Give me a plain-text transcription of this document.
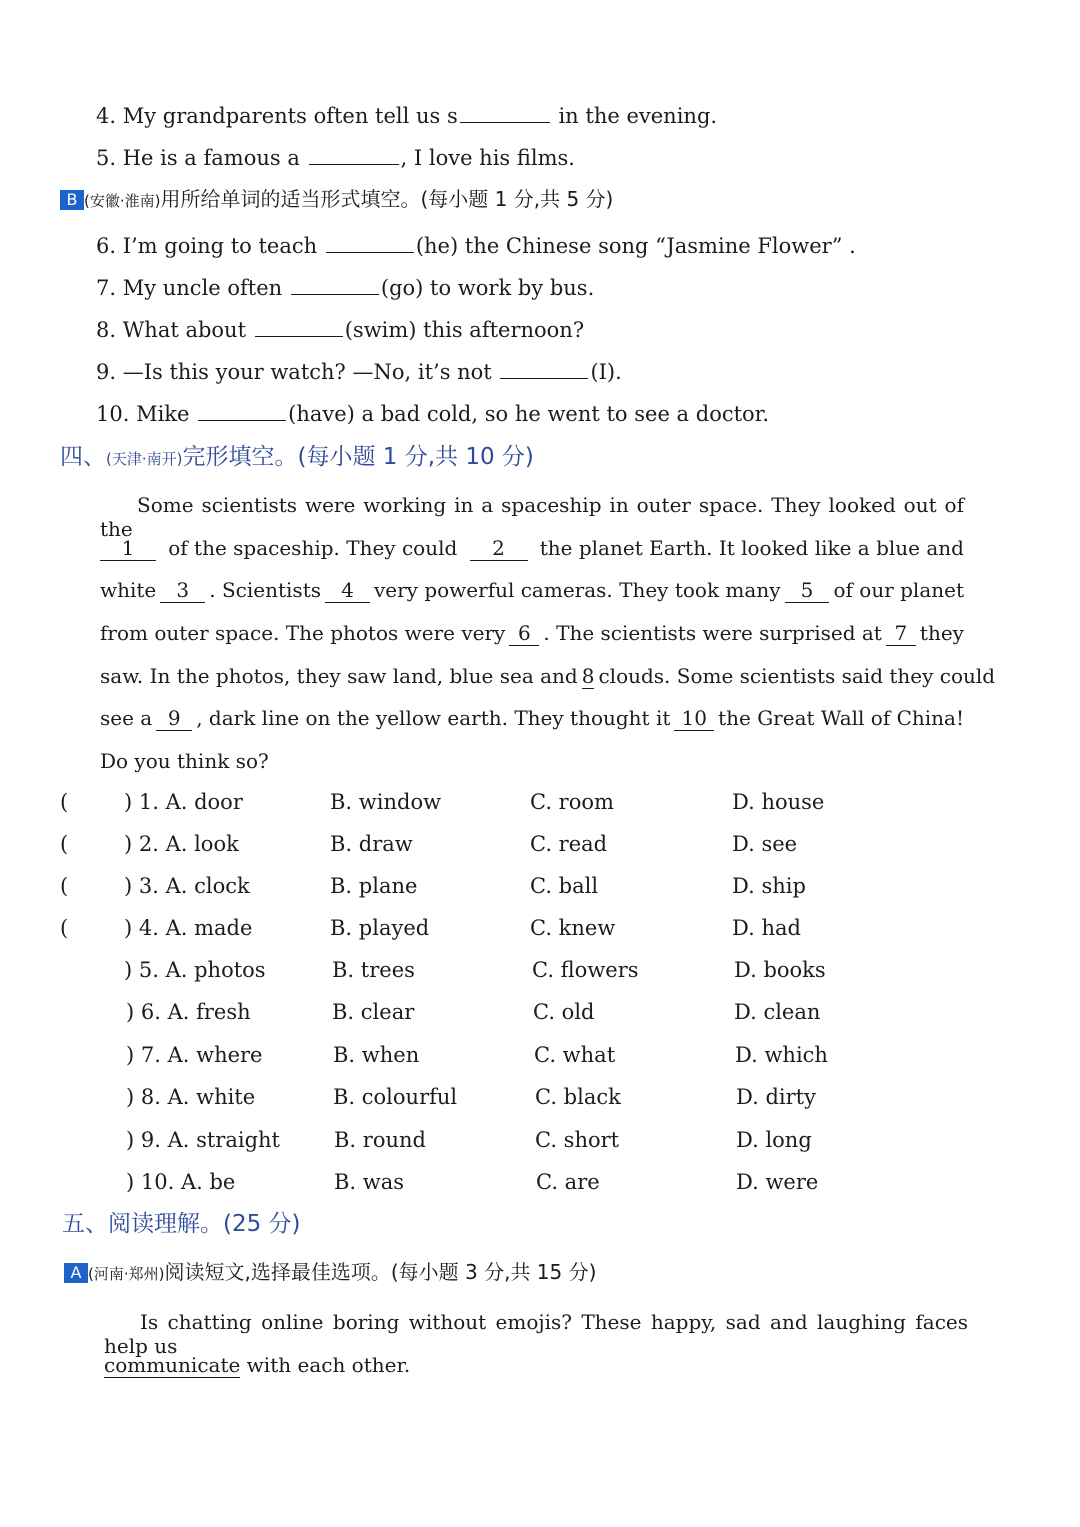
4. My grandparents often tell us s	in the evening.
5. He is a famous a	, I love his films.
B (安徽·淮南)用所给单词的适当形式填空。(每小题 1 分,共 5 分)
6. I’m going to teach	(he) the Chinese song “Jasmine Flower” .
7. My uncle often	(go) to work by bus.
8. What about	(swim) this afternoon?
9. —Is this your watch? —No, it’s not	(I).
10. Mike	(have) a bad cold, so he went to see a doctor.
四、(天津·南开)完形填空。(每小题 1 分,共 10 分)
Some scientists were working in a spaceship in outer space. They looked out of the
1	of the spaceship. They could	2	the planet Earth. It looked like a blue and
white	3	. Scientists	4	very powerful cameras. They took many	5	of our planet
from outer space. The photos were very 6 . The scientists were surprised at 7 they
saw. In the photos, they saw land, blue sea and 8 clouds. Some scientists said they could
see a 9 , dark line on the yellow earth. They thought it 10 the Great Wall of China!
Do you think so?
(	) 1. A. door	B. window	C. room	D. house
(	) 2. A. look	B. draw	C. read	D. see
(	) 3. A. clock	B. plane	C. ball	D. ship
(	) 4. A. made	B. played	C. knew	D. had
) 5. A. photos	B. trees	C. flowers	D. books
) 6. A. fresh	B. clear	C. old	D. clean
) 7. A. where	B. when	C. what	D. which
) 8. A. white	B. colourful	C. black	D. dirty
) 9. A. straight	B. round	C. short	D. long
) 10. A. be	B. was	C. are	D. were
五、阅读理解。(25 分)
A (河南·郑州)阅读短文,选择最佳选项。(每小题 3 分,共 15 分)
Is chatting online boring without emojis? These happy, sad and laughing faces help us
communicate with each other.
